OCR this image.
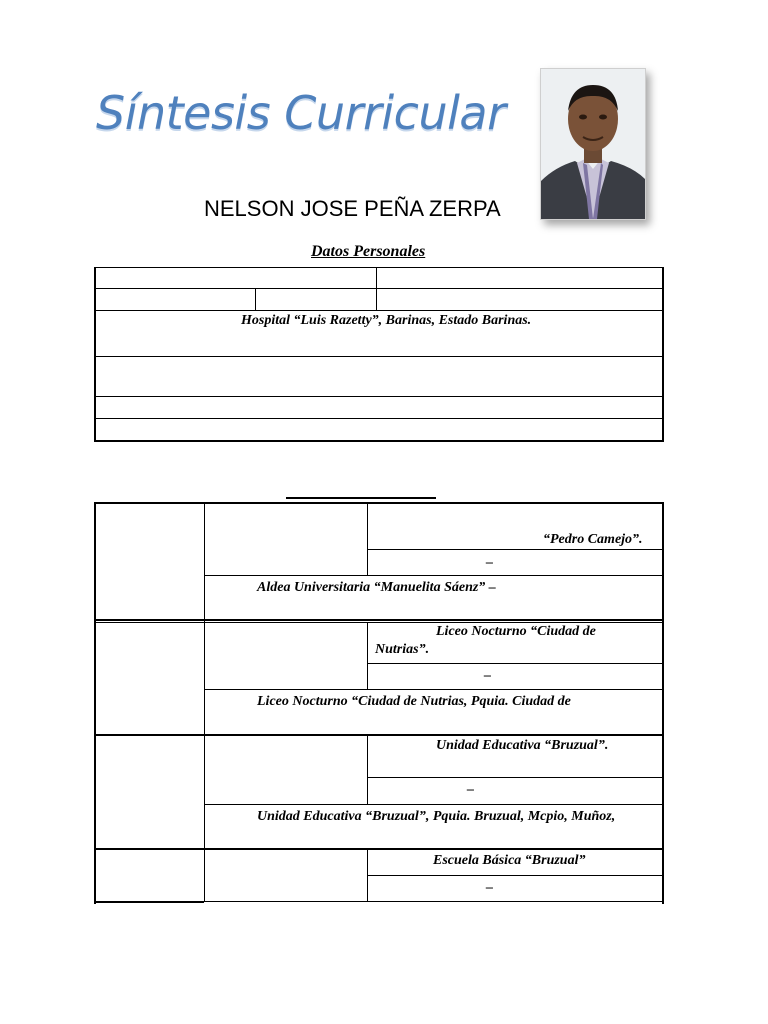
Síntesis Curricular
NELSON JOSE PEÑA ZERPA
Datos Personales
Hospital “Luis Razetty”, Barinas, Estado Barinas.
“Pedro Camejo”.
–
Aldea Universitaria “Manuelita Sáenz” –
Liceo Nocturno “Ciudad de
Nutrias”.
–
Liceo Nocturno “Ciudad de Nutrias, Pquia. Ciudad de
Unidad Educativa “Bruzual”.
–
Unidad Educativa “Bruzual”, Pquia. Bruzual, Mcpio, Muñoz,
Escuela Básica “Bruzual”
–
